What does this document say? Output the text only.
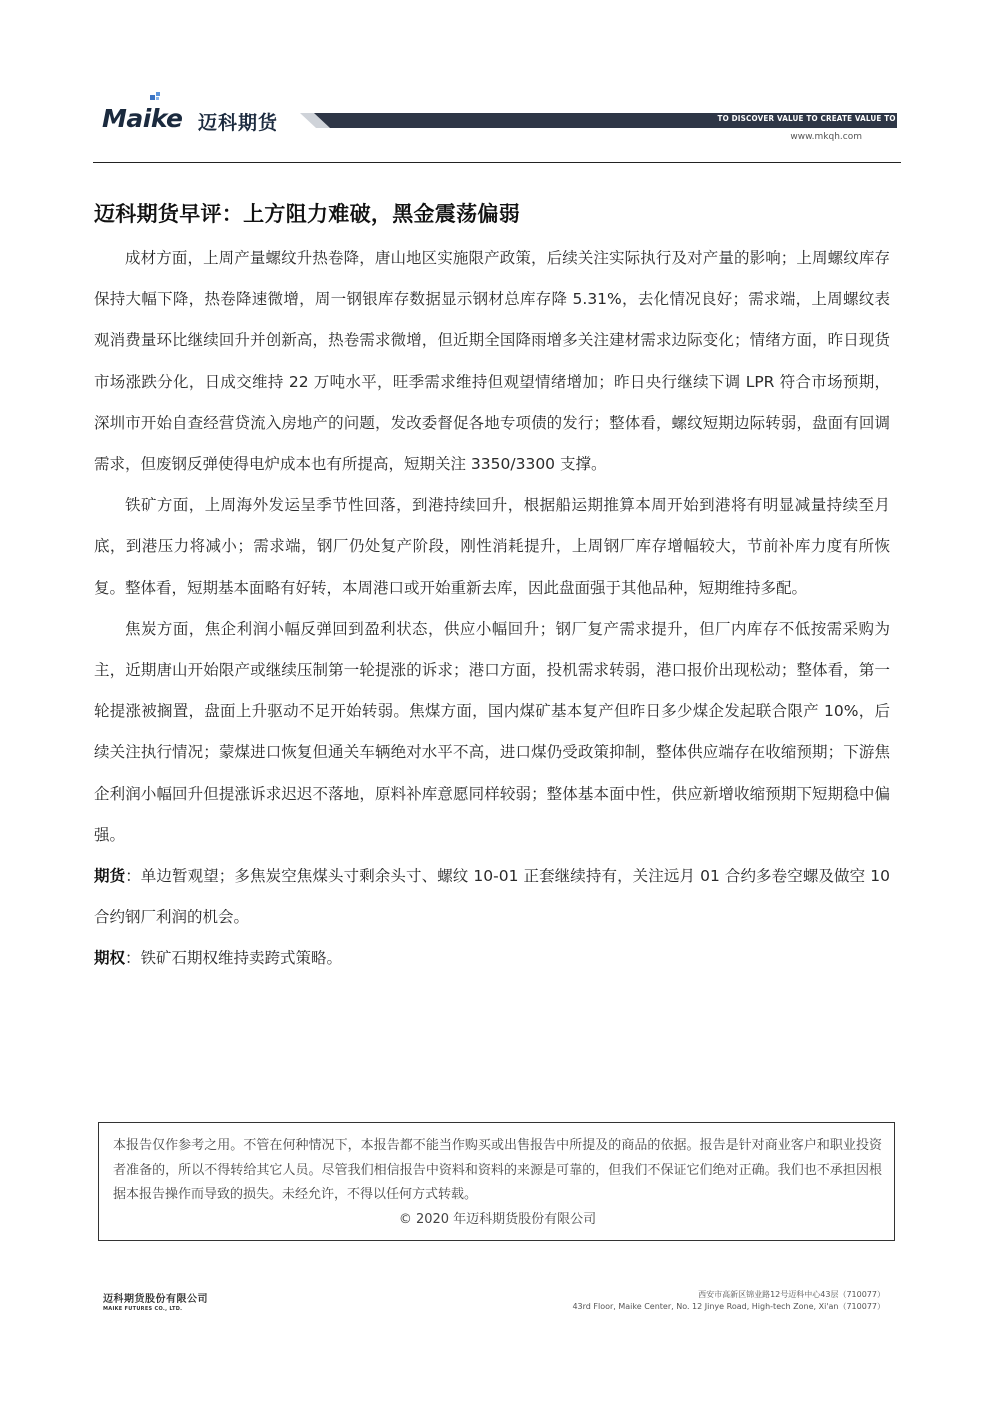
Maike 迈科期货	TO DISCOVER VALUE TO CREATE VALUE TO SHARE VALUE
www.mkqh.com
迈科期货早评：上方阻力难破，黑金震荡偏弱

成材方面，上周产量螺纹升热卷降，唐山地区实施限产政策，后续关注实际执行及对产量的影响；上周螺纹库存保持大幅下降，热卷降速微增，周一钢银库存数据显示钢材总库存降 5.31%，去化情况良好；需求端，上周螺纹表观消费量环比继续回升并创新高，热卷需求微增，但近期全国降雨增多关注建材需求边际变化；情绪方面，昨日现货市场涨跌分化，日成交维持 22 万吨水平，旺季需求维持但观望情绪增加；昨日央行继续下调 LPR 符合市场预期，深圳市开始自查经营贷流入房地产的问题，发改委督促各地专项债的发行；整体看，螺纹短期边际转弱，盘面有回调需求，但废钢反弹使得电炉成本也有所提高，短期关注 3350/3300 支撑。

铁矿方面，上周海外发运呈季节性回落，到港持续回升，根据船运期推算本周开始到港将有明显减量持续至月底，到港压力将减小；需求端，钢厂仍处复产阶段，刚性消耗提升，上周钢厂库存增幅较大，节前补库力度有所恢复。整体看，短期基本面略有好转，本周港口或开始重新去库，因此盘面强于其他品种，短期维持多配。

焦炭方面，焦企利润小幅反弹回到盈利状态，供应小幅回升；钢厂复产需求提升，但厂内库存不低按需采购为主，近期唐山开始限产或继续压制第一轮提涨的诉求；港口方面，投机需求转弱，港口报价出现松动；整体看，第一轮提涨被搁置，盘面上升驱动不足开始转弱。焦煤方面，国内煤矿基本复产但昨日多少煤企发起联合限产 10%，后续关注执行情况；蒙煤进口恢复但通关车辆绝对水平不高，进口煤仍受政策抑制，整体供应端存在收缩预期；下游焦企利润小幅回升但提涨诉求迟迟不落地，原料补库意愿同样较弱；整体基本面中性，供应新增收缩预期下短期稳中偏强。

期货：单边暂观望；多焦炭空焦煤头寸剩余头寸、螺纹 10-01 正套继续持有，关注远月 01 合约多卷空螺及做空 10 合约钢厂利润的机会。

期权：铁矿石期权维持卖跨式策略。

本报告仅作参考之用。不管在何种情况下，本报告都不能当作购买或出售报告中所提及的商品的依据。报告是针对商业客户和职业投资者准备的，所以不得转给其它人员。尽管我们相信报告中资料和资料的来源是可靠的，但我们不保证它们绝对正确。我们也不承担因根据本报告操作而导致的损失。未经允许，不得以任何方式转载。
© 2020 年迈科期货股份有限公司
迈科期货股份有限公司
MAIKE FUTURES CO., LTD.
西安市高新区锦业路12号迈科中心43层（710077）
43rd Floor, Maike Center, No. 12 Jinye Road, High-tech Zone, Xi'an（710077）
